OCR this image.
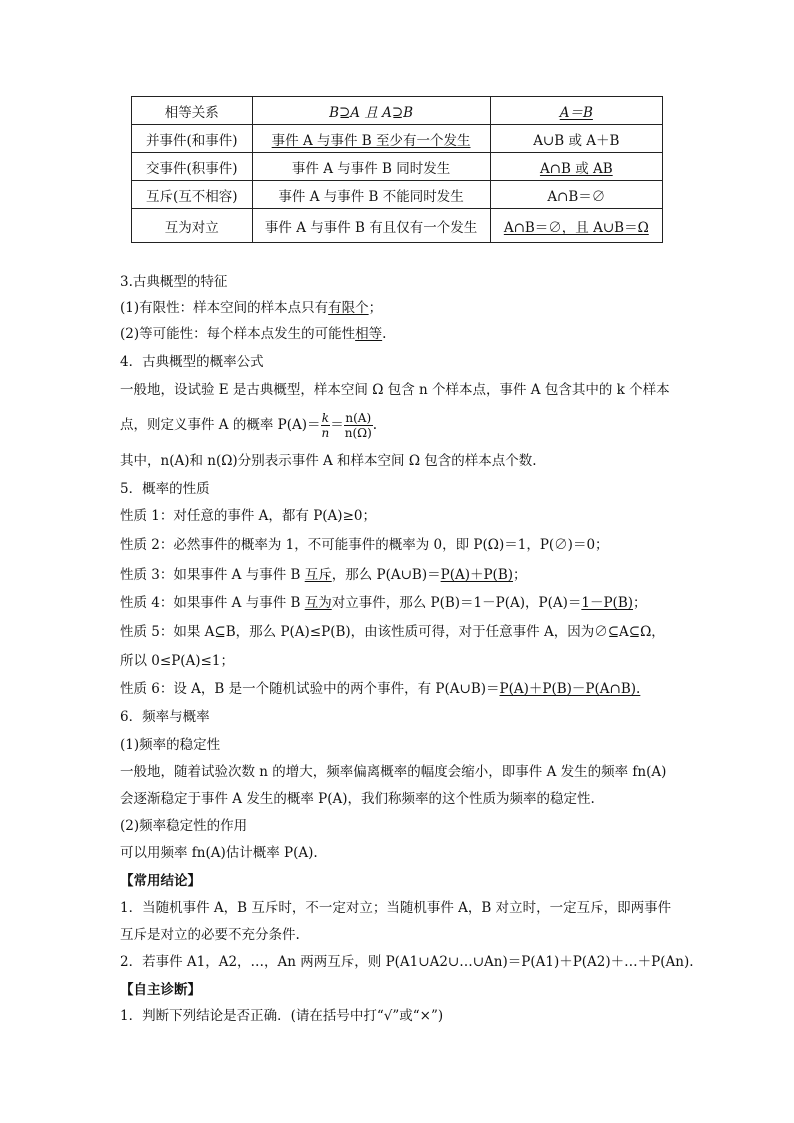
相等关系	B⊇A 且 A⊇B	A＝B
并事件(和事件)	事件 A 与事件 B 至少有一个发生	A∪B 或 A＋B
交事件(积事件)	事件 A 与事件 B 同时发生	A∩B 或 AB
互斥(互不相容)	事件 A 与事件 B 不能同时发生	A∩B＝∅
互为对立	事件 A 与事件 B 有且仅有一个发生	A∩B＝∅，且 A∪B＝Ω
3.古典概型的特征
(1)有限性：样本空间的样本点只有有限个；
(2)等可能性：每个样本点发生的可能性相等.
4．古典概型的概率公式
一般地，设试验 E 是古典概型，样本空间 Ω 包含 n 个样本点，事件 A 包含其中的 k 个样本
点，则定义事件 A 的概率 $P(A)= \frac{k}{n} = \frac{n(A)}{n(\Omega)}$ .
其中，n(A)和 n(Ω)分别表示事件 A 和样本空间 Ω 包含的样本点个数.
5．概率的性质
性质 1：对任意的事件 A，都有 P(A)≥0；
性质 2：必然事件的概率为 1，不可能事件的概率为 0，即 P(Ω)＝1，P(∅)＝0；
性质 3：如果事件 A 与事件 B 互斥，那么 P(A∪B)＝P(A)＋P(B)；
性质 4：如果事件 A 与事件 B 互为对立事件，那么 P(B)＝1－P(A)，P(A)＝1－P(B)；
性质 5：如果 A⊆B，那么 P(A)≤P(B)，由该性质可得，对于任意事件 A，因为∅⊆A⊆Ω，
所以 0≤P(A)≤1；
性质 6：设 A，B 是一个随机试验中的两个事件，有 P(A∪B)＝P(A)＋P(B)－P(A∩B).
6．频率与概率
(1)频率的稳定性
一般地，随着试验次数 n 的增大，频率偏离概率的幅度会缩小，即事件 A 发生的频率 fn(A)
会逐渐稳定于事件 A 发生的概率 P(A)，我们称频率的这个性质为频率的稳定性.
(2)频率稳定性的作用
可以用频率 fn(A)估计概率 P(A).
【常用结论】
1．当随机事件 A，B 互斥时，不一定对立；当随机事件 A，B 对立时，一定互斥，即两事件
互斥是对立的必要不充分条件.
2．若事件 A1，A2，…，An 两两互斥，则 P(A1∪A2∪…∪An)＝P(A1)＋P(A2)＋…＋P(An).
【自主诊断】
1．判断下列结论是否正确．(请在括号中打“√”或“×”)
